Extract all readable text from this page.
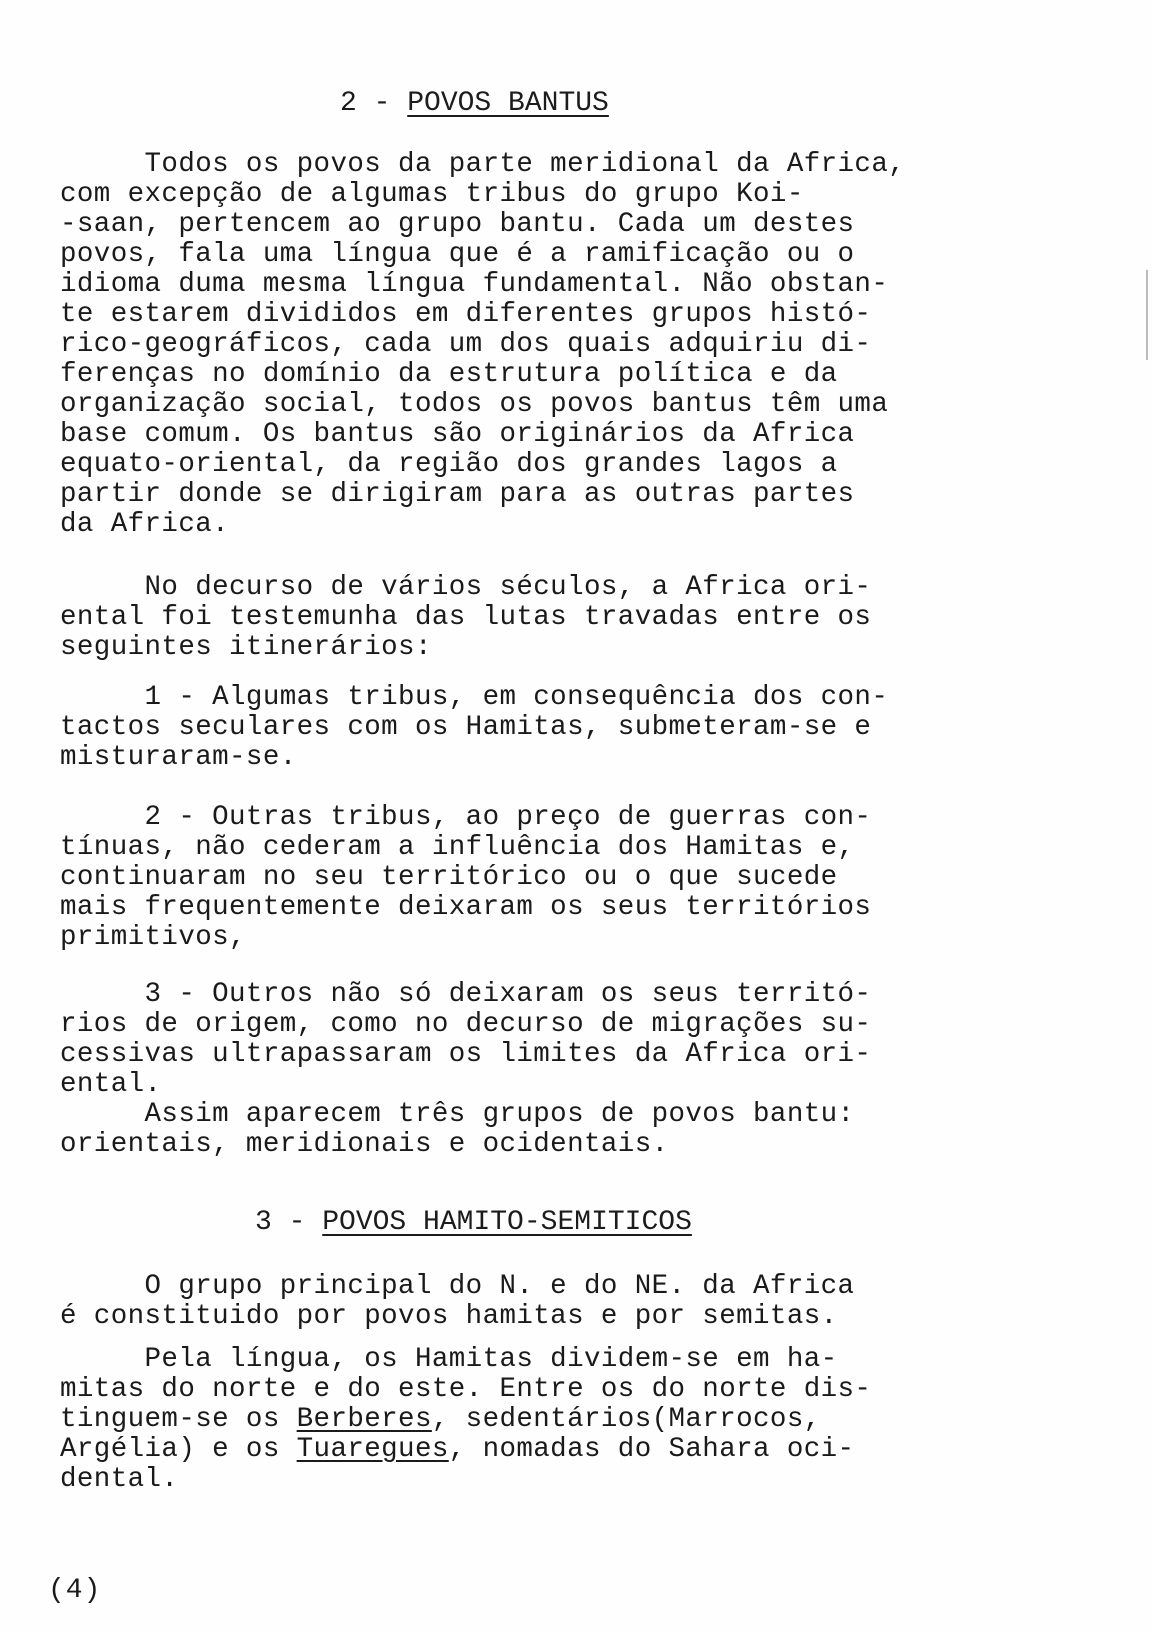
2 - POVOS BANTUS
Todos os povos da parte meridional da Africa,
com excepção de algumas tribus do grupo Koi-
-saan, pertencem ao grupo bantu. Cada um destes
povos, fala uma língua que é a ramificação ou o
idioma duma mesma língua fundamental. Não obstan-
te estarem divididos em diferentes grupos histó-
rico-geográficos, cada um dos quais adquiriu di-
ferenças no domínio da estrutura política e da
organização social, todos os povos bantus têm uma
base comum. Os bantus são originários da Africa
equato-oriental, da região dos grandes lagos a
partir donde se dirigiram para as outras partes
da Africa.
No decurso de vários séculos, a Africa ori-
ental foi testemunha das lutas travadas entre os
seguintes itinerários:
1 - Algumas tribus, em consequência dos con-
tactos seculares com os Hamitas, submeteram-se e
misturaram-se.
2 - Outras tribus, ao preço de guerras con-
tínuas, não cederam a influência dos Hamitas e,
continuaram no seu territórico ou o que sucede
mais frequentemente deixaram os seus territórios
primitivos,
3 - Outros não só deixaram os seus territó-
rios de origem, como no decurso de migrações su-
cessivas ultrapassaram os limites da Africa ori-
ental.
Assim aparecem três grupos de povos bantu:
orientais, meridionais e ocidentais.
3 - POVOS HAMITO-SEMITICOS
O grupo principal do N. e do NE. da Africa
é constituido por povos hamitas e por semitas.
Pela língua, os Hamitas dividem-se em ha-
mitas do norte e do este. Entre os do norte dis-
tinguem-se os Berberes, sedentários(Marrocos,
Argélia) e os Tuaregues, nomadas do Sahara oci-
dental.
(4)
